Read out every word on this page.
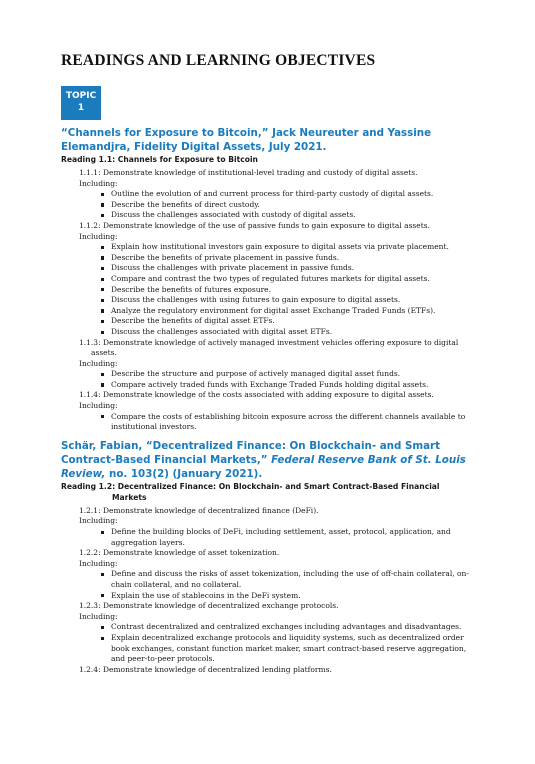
READINGS AND LEARNING OBJECTIVES
TOPIC
1

“Channels for Exposure to Bitcoin,” Jack Neureuter and Yassine Elemandjra, Fidelity Digital Assets, July 2021.

Reading 1.1: Channels for Exposure to Bitcoin

1.1.1: Demonstrate knowledge of institutional-level trading and custody of digital assets.
Including:
Outline the evolution of and current process for third-party custody of digital assets.
Describe the benefits of direct custody.
Discuss the challenges associated with custody of digital assets.
1.1.2: Demonstrate knowledge of the use of passive funds to gain exposure to digital assets.
Including:
Explain how institutional investors gain exposure to digital assets via private placement.
Describe the benefits of private placement in passive funds.
Discuss the challenges with private placement in passive funds.
Compare and contrast the two types of regulated futures markets for digital assets.
Describe the benefits of futures exposure.
Discuss the challenges with using futures to gain exposure to digital assets.
Analyze the regulatory environment for digital asset Exchange Traded Funds (ETFs).
Describe the benefits of digital asset ETFs.
Discuss the challenges associated with digital asset ETFs.
1.1.3: Demonstrate knowledge of actively managed investment vehicles offering exposure to digital assets.
Including:
Describe the structure and purpose of actively managed digital asset funds.
Compare actively traded funds with Exchange Traded Funds holding digital assets.
1.1.4: Demonstrate knowledge of the costs associated with adding exposure to digital assets.
Including:
Compare the costs of establishing bitcoin exposure across the different channels available to institutional investors.

Schär, Fabian, “Decentralized Finance: On Blockchain- and Smart Contract-Based Financial Markets,” Federal Reserve Bank of St. Louis Review, no. 103(2) (January 2021).

Reading 1.2: Decentralized Finance: On Blockchain- and Smart Contract-Based Financial
Markets

1.2.1: Demonstrate knowledge of decentralized finance (DeFi).
Including:
Define the building blocks of DeFi, including settlement, asset, protocol, application, and aggregation layers.
1.2.2: Demonstrate knowledge of asset tokenization.
Including:
Define and discuss the risks of asset tokenization, including the use of off-chain collateral, on-chain collateral, and no collateral.
Explain the use of stablecoins in the DeFi system.
1.2.3: Demonstrate knowledge of decentralized exchange protocols.
Including:
Contrast decentralized and centralized exchanges including advantages and disadvantages.
Explain decentralized exchange protocols and liquidity systems, such as decentralized order book exchanges, constant function market maker, smart contract-based reserve aggregation, and peer-to-peer protocols.
1.2.4: Demonstrate knowledge of decentralized lending platforms.
